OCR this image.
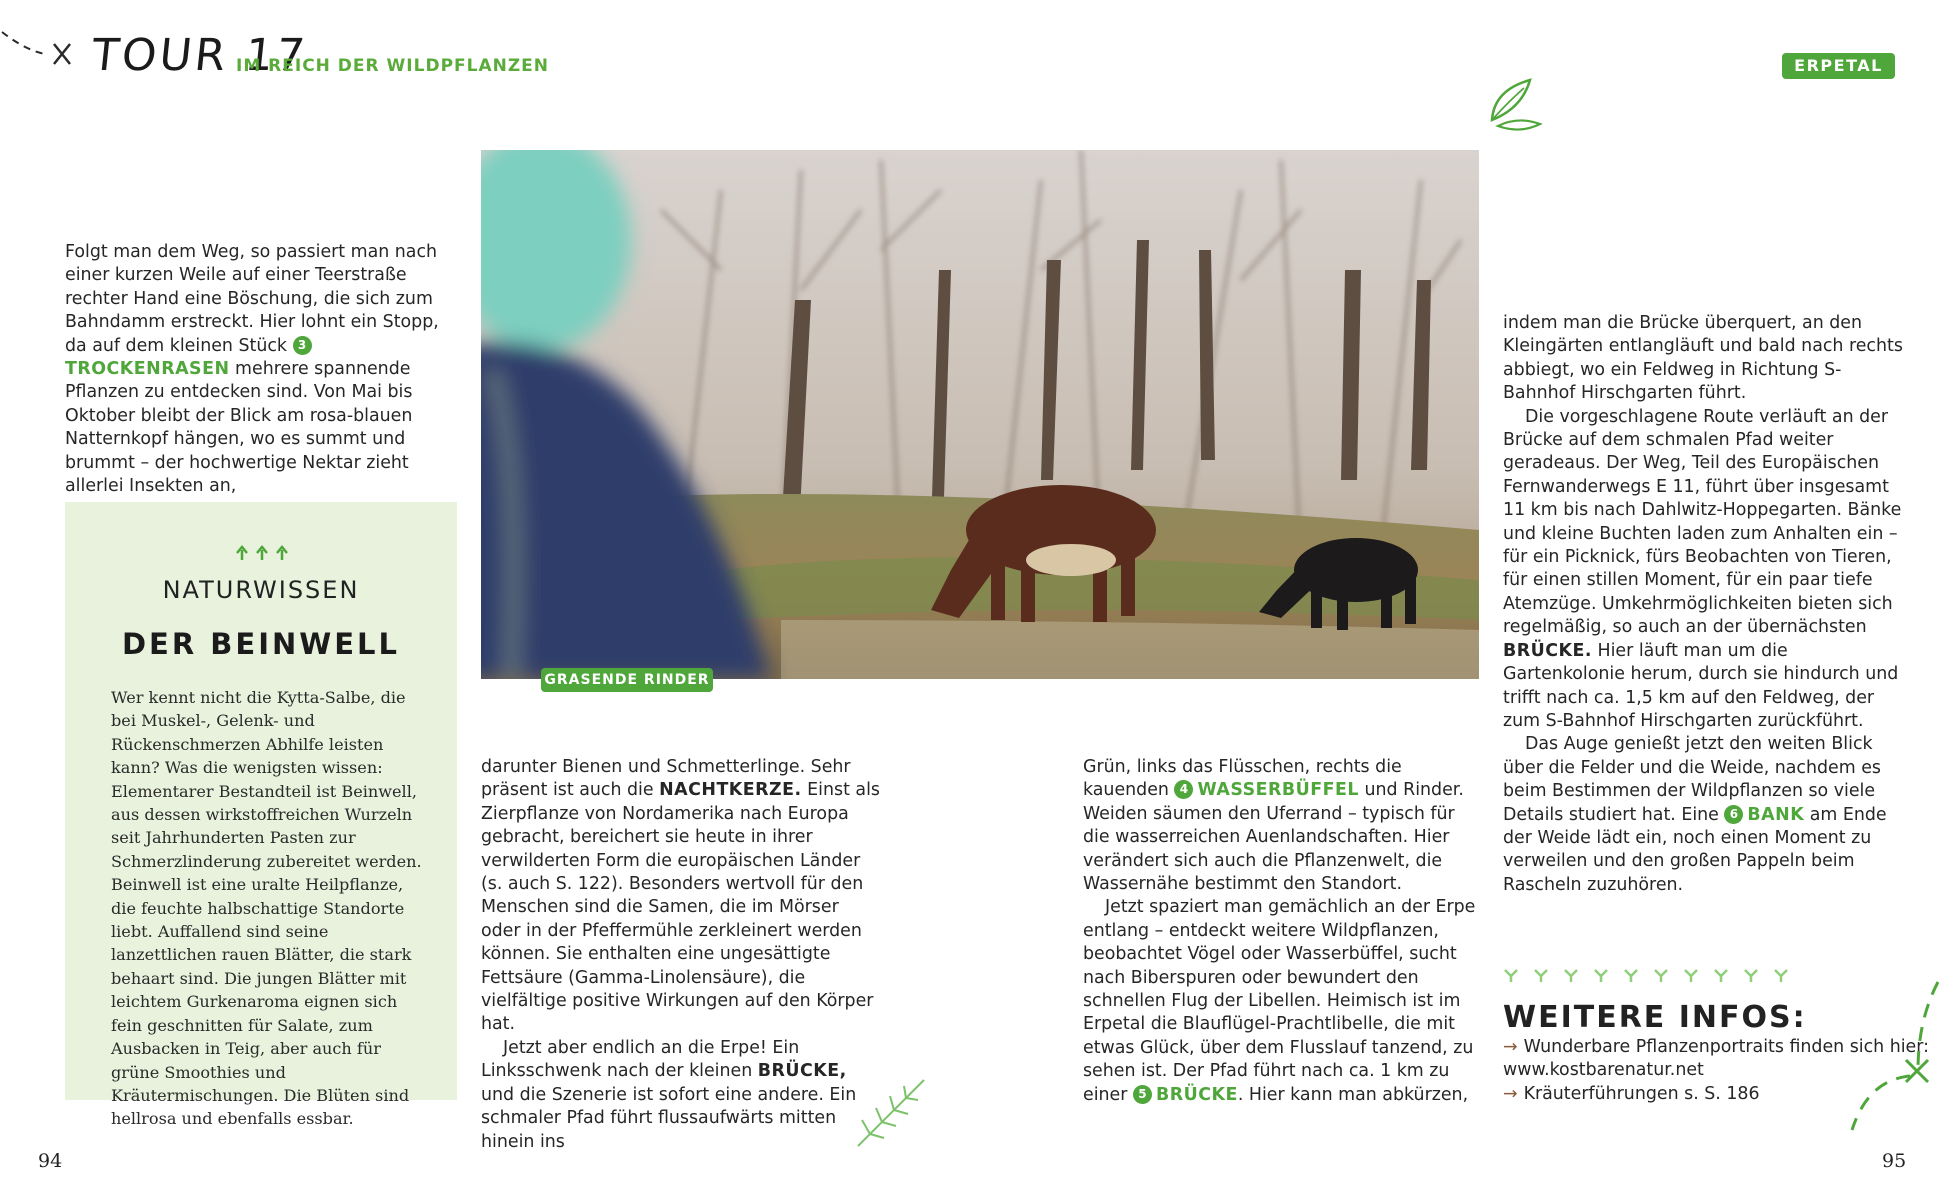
TOUR 17
IM REICH DER WILDPFLANZEN	ERPETAL

Folgt man dem Weg, so passiert man nach einer kurzen Weile auf einer Teerstraße rechter Hand eine Böschung, die sich zum Bahndamm erstreckt. Hier lohnt ein Stopp, da auf dem kleinen Stück 3TROCKENRASEN mehrere spannende Pflanzen zu entdecken sind. Von Mai bis Oktober bleibt der Blick am rosa-blauen Natternkopf hängen, wo es summt und brummt – der hochwertige Nektar zieht allerlei Insekten an,

NATURWISSEN
DER BEINWELL
Wer kennt nicht die Kytta-Salbe, die bei Muskel-, Gelenk- und Rückenschmerzen Abhilfe leisten kann? Was die wenigsten wissen: Elementarer Bestandteil ist Beinwell, aus dessen wirkstoffreichen Wurzeln seit Jahrhunderten Pasten zur Schmerzlinderung zubereitet werden. Beinwell ist eine uralte Heilpflanze, die feuchte halbschattige Standorte liebt. Auffallend sind seine lanzettlichen rauen Blätter, die stark behaart sind. Die jungen Blätter mit leichtem Gurkenaroma eignen sich fein geschnitten für Salate, zum Ausbacken in Teig, aber auch für grüne Smoothies und Kräutermischungen. Die Blüten sind hellrosa und ebenfalls essbar.
GRASENDE RINDER

darunter Bienen und Schmetterlinge. Sehr präsent ist auch die NACHTKERZE. Einst als Zierpflanze von Nordamerika nach Europa gebracht, bereichert sie heute in ihrer verwilderten Form die europäischen Länder (s. auch S. 122). Besonders wertvoll für den Menschen sind die Samen, die im Mörser oder in der Pfeffermühle zerkleinert werden können. Sie enthalten eine ungesättigte Fettsäure (Gamma-Linolensäure), die vielfältige positive Wirkungen auf den Körper hat.

Jetzt aber endlich an die Erpe! Ein Linksschwenk nach der kleinen BRÜCKE, und die Szenerie ist sofort eine andere. Ein schmaler Pfad führt flussaufwärts mitten hinein ins

Grün, links das Flüsschen, rechts die kauenden 4 WASSERBÜFFEL und Rinder. Weiden säumen den Uferrand – typisch für die wasserreichen Auenlandschaften. Hier verändert sich auch die Pflanzenwelt, die Wassernähe bestimmt den Standort.

Jetzt spaziert man gemächlich an der Erpe entlang – entdeckt weitere Wildpflanzen, beobachtet Vögel oder Wasserbüffel, sucht nach Biberspuren oder bewundert den schnellen Flug der Libellen. Heimisch ist im Erpetal die Blauflügel-Prachtlibelle, die mit etwas Glück, über dem Flusslauf tanzend, zu sehen ist. Der Pfad führt nach ca. 1 km zu einer 5 BRÜCKE. Hier kann man abkürzen,

indem man die Brücke überquert, an den Kleingärten entlangläuft und bald nach rechts abbiegt, wo ein Feldweg in Richtung S-Bahnhof Hirschgarten führt.

Die vorgeschlagene Route verläuft an der Brücke auf dem schmalen Pfad weiter geradeaus. Der Weg, Teil des Europäischen Fernwanderwegs E 11, führt über insgesamt 11 km bis nach Dahlwitz-Hoppegarten. Bänke und kleine Buchten laden zum Anhalten ein – für ein Picknick, fürs Beobachten von Tieren, für einen stillen Moment, für ein paar tiefe Atemzüge. Umkehrmöglichkeiten bieten sich regelmäßig, so auch an der übernächsten BRÜCKE. Hier läuft man um die Gartenkolonie herum, durch sie hindurch und trifft nach ca. 1,5 km auf den Feldweg, der zum S-Bahnhof Hirschgarten zurückführt.

Das Auge genießt jetzt den weiten Blick über die Felder und die Weide, nachdem es beim Bestimmen der Wildpflanzen so viele Details studiert hat. Eine 6 BANK am Ende der Weide lädt ein, noch einen Moment zu verweilen und den großen Pappeln beim Rascheln zuzuhören.

WEITERE INFOS:
→ Wunderbare Pflanzenportraits finden sich hier: www.kostbarenatur.net
→ Kräuterführungen s. S. 186
94	95
